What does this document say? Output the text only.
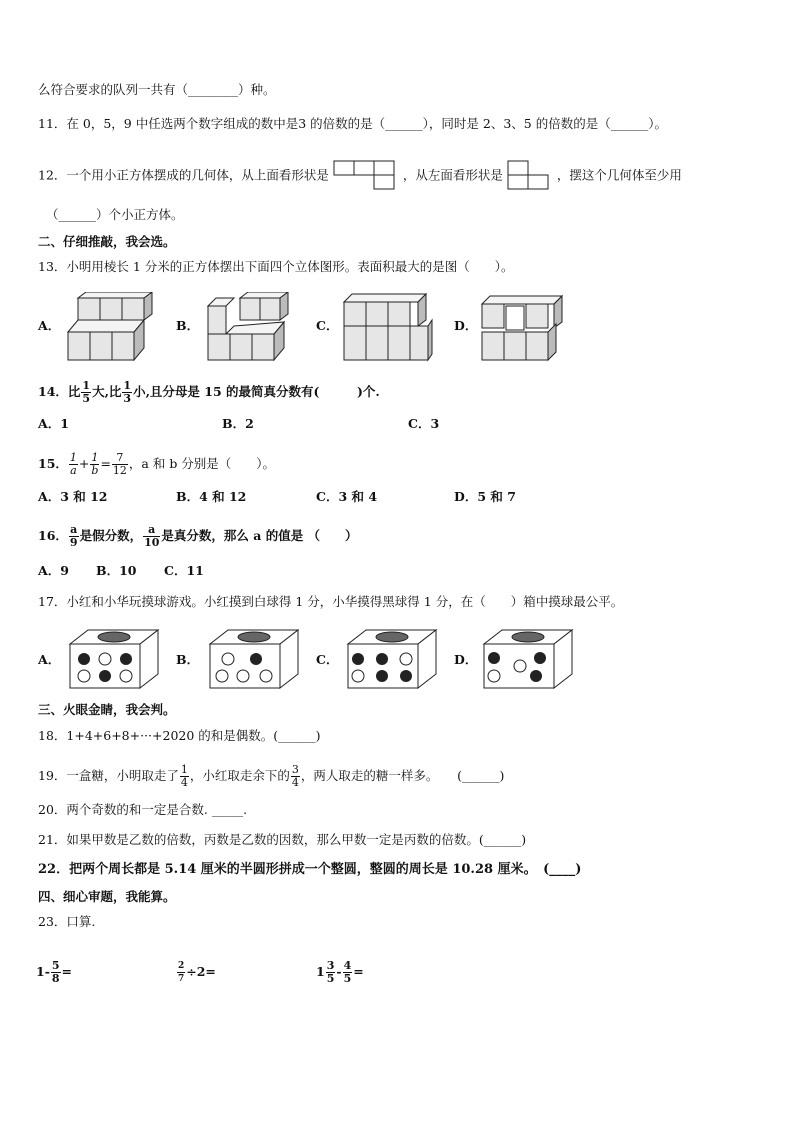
么符合要求的队列一共有（________）种。
11．在 0，5，9 中任选两个数字组成的数中是3 的倍数的是（______），同时是 2、3、5 的倍数的是（______）。
12．一个用小正方体摆成的几何体，从上面看形状是	，从左面看形状是	，摆这个几何体至少用
（______）个小正方体。
二、仔细推敲，我会选。
13．小明用棱长 1 分米的正方体摆出下面四个立体图形。表面积最大的是图（　　）。
A．	B．	C．	D．
14．比 $\frac{1}{5}$ 大,比 $\frac{1}{3}$ 小,且分母是 15 的最简真分数有(　　　)个.
A．1	B．2	C．3
15． $\frac{1}{a} + \frac{1}{b} = \frac{7}{12}$ ，a 和 b 分别是（　　）。
A．3 和 12	B．4 和 12	C．3 和 4	D．5 和 7
16． $\frac{a}{9}$ 是假分数， $\frac{a}{10}$ 是真分数，那么 a 的值是 （　　）
A．9 B．10 C．11
17．小红和小华玩摸球游戏。小红摸到白球得 1 分，小华摸得黑球得 1 分，在（　　）箱中摸球最公平。
A．	B．	C．	D．
三、火眼金睛，我会判。
18．1+4+6+8+···+2020 的和是偶数。(______)
19．一盒糖，小明取走了 $\frac{1}{4}$ ，小红取走余下的 $\frac{3}{4}$ ，两人取走的糖一样多。　　(______)
20．两个奇数的和一定是合数. _____.
21．如果甲数是乙数的倍数，丙数是乙数的因数，那么甲数一定是丙数的倍数。(______)
22．把两个周长都是 5.14 厘米的半圆形拼成一个整圆，整圆的周长是 10.28 厘米。　(____)
四、细心审题，我能算。
23．口算.
$1- \frac{5}{8}$ =	$\frac{2}{7} \div 2=$	$1 \frac{3}{5} - \frac{4}{5}$ =
